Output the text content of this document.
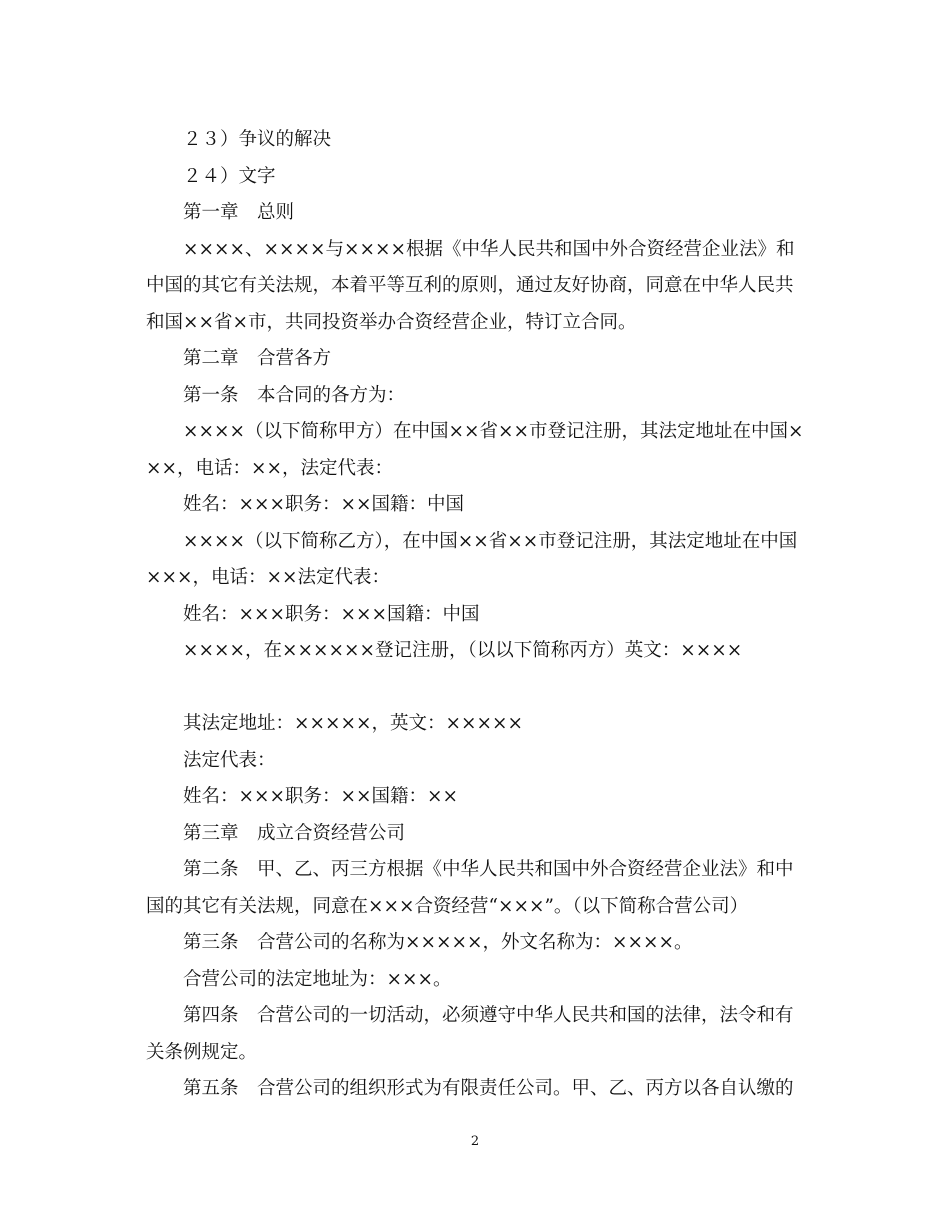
２３）争议的解决

２４）文字

第一章　总则

××××、××××与××××根据《中华人民共和国中外合资经营企业法》和中国的其它有关法规，本着平等互利的原则，通过友好协商，同意在中华人民共和国××省×市，共同投资举办合资经营企业，特订立合同。

第二章　合营各方

第一条　本合同的各方为：

××××（以下简称甲方）在中国××省××市登记注册，其法定地址在中国×××，电话：××，法定代表：

姓名：×××职务：××国籍：中国

××××（以下简称乙方），在中国××省××市登记注册，其法定地址在中国×××，电话：××法定代表：

姓名：×××职务：×××国籍：中国

××××，在××××××登记注册，（以以下简称丙方）英文：××××

其法定地址：×××××，英文：×××××

法定代表：

姓名：×××职务：××国籍：××

第三章　成立合资经营公司

第二条　甲、乙、丙三方根据《中华人民共和国中外合资经营企业法》和中国的其它有关法规，同意在×××合资经营“×××”。（以下简称合营公司）

第三条　合营公司的名称为×××××，外文名称为：××××。

合营公司的法定地址为：×××。

第四条　合营公司的一切活动，必须遵守中华人民共和国的法律，法令和有关条例规定。

第五条　合营公司的组织形式为有限责任公司。甲、乙、丙方以各自认缴的

2
